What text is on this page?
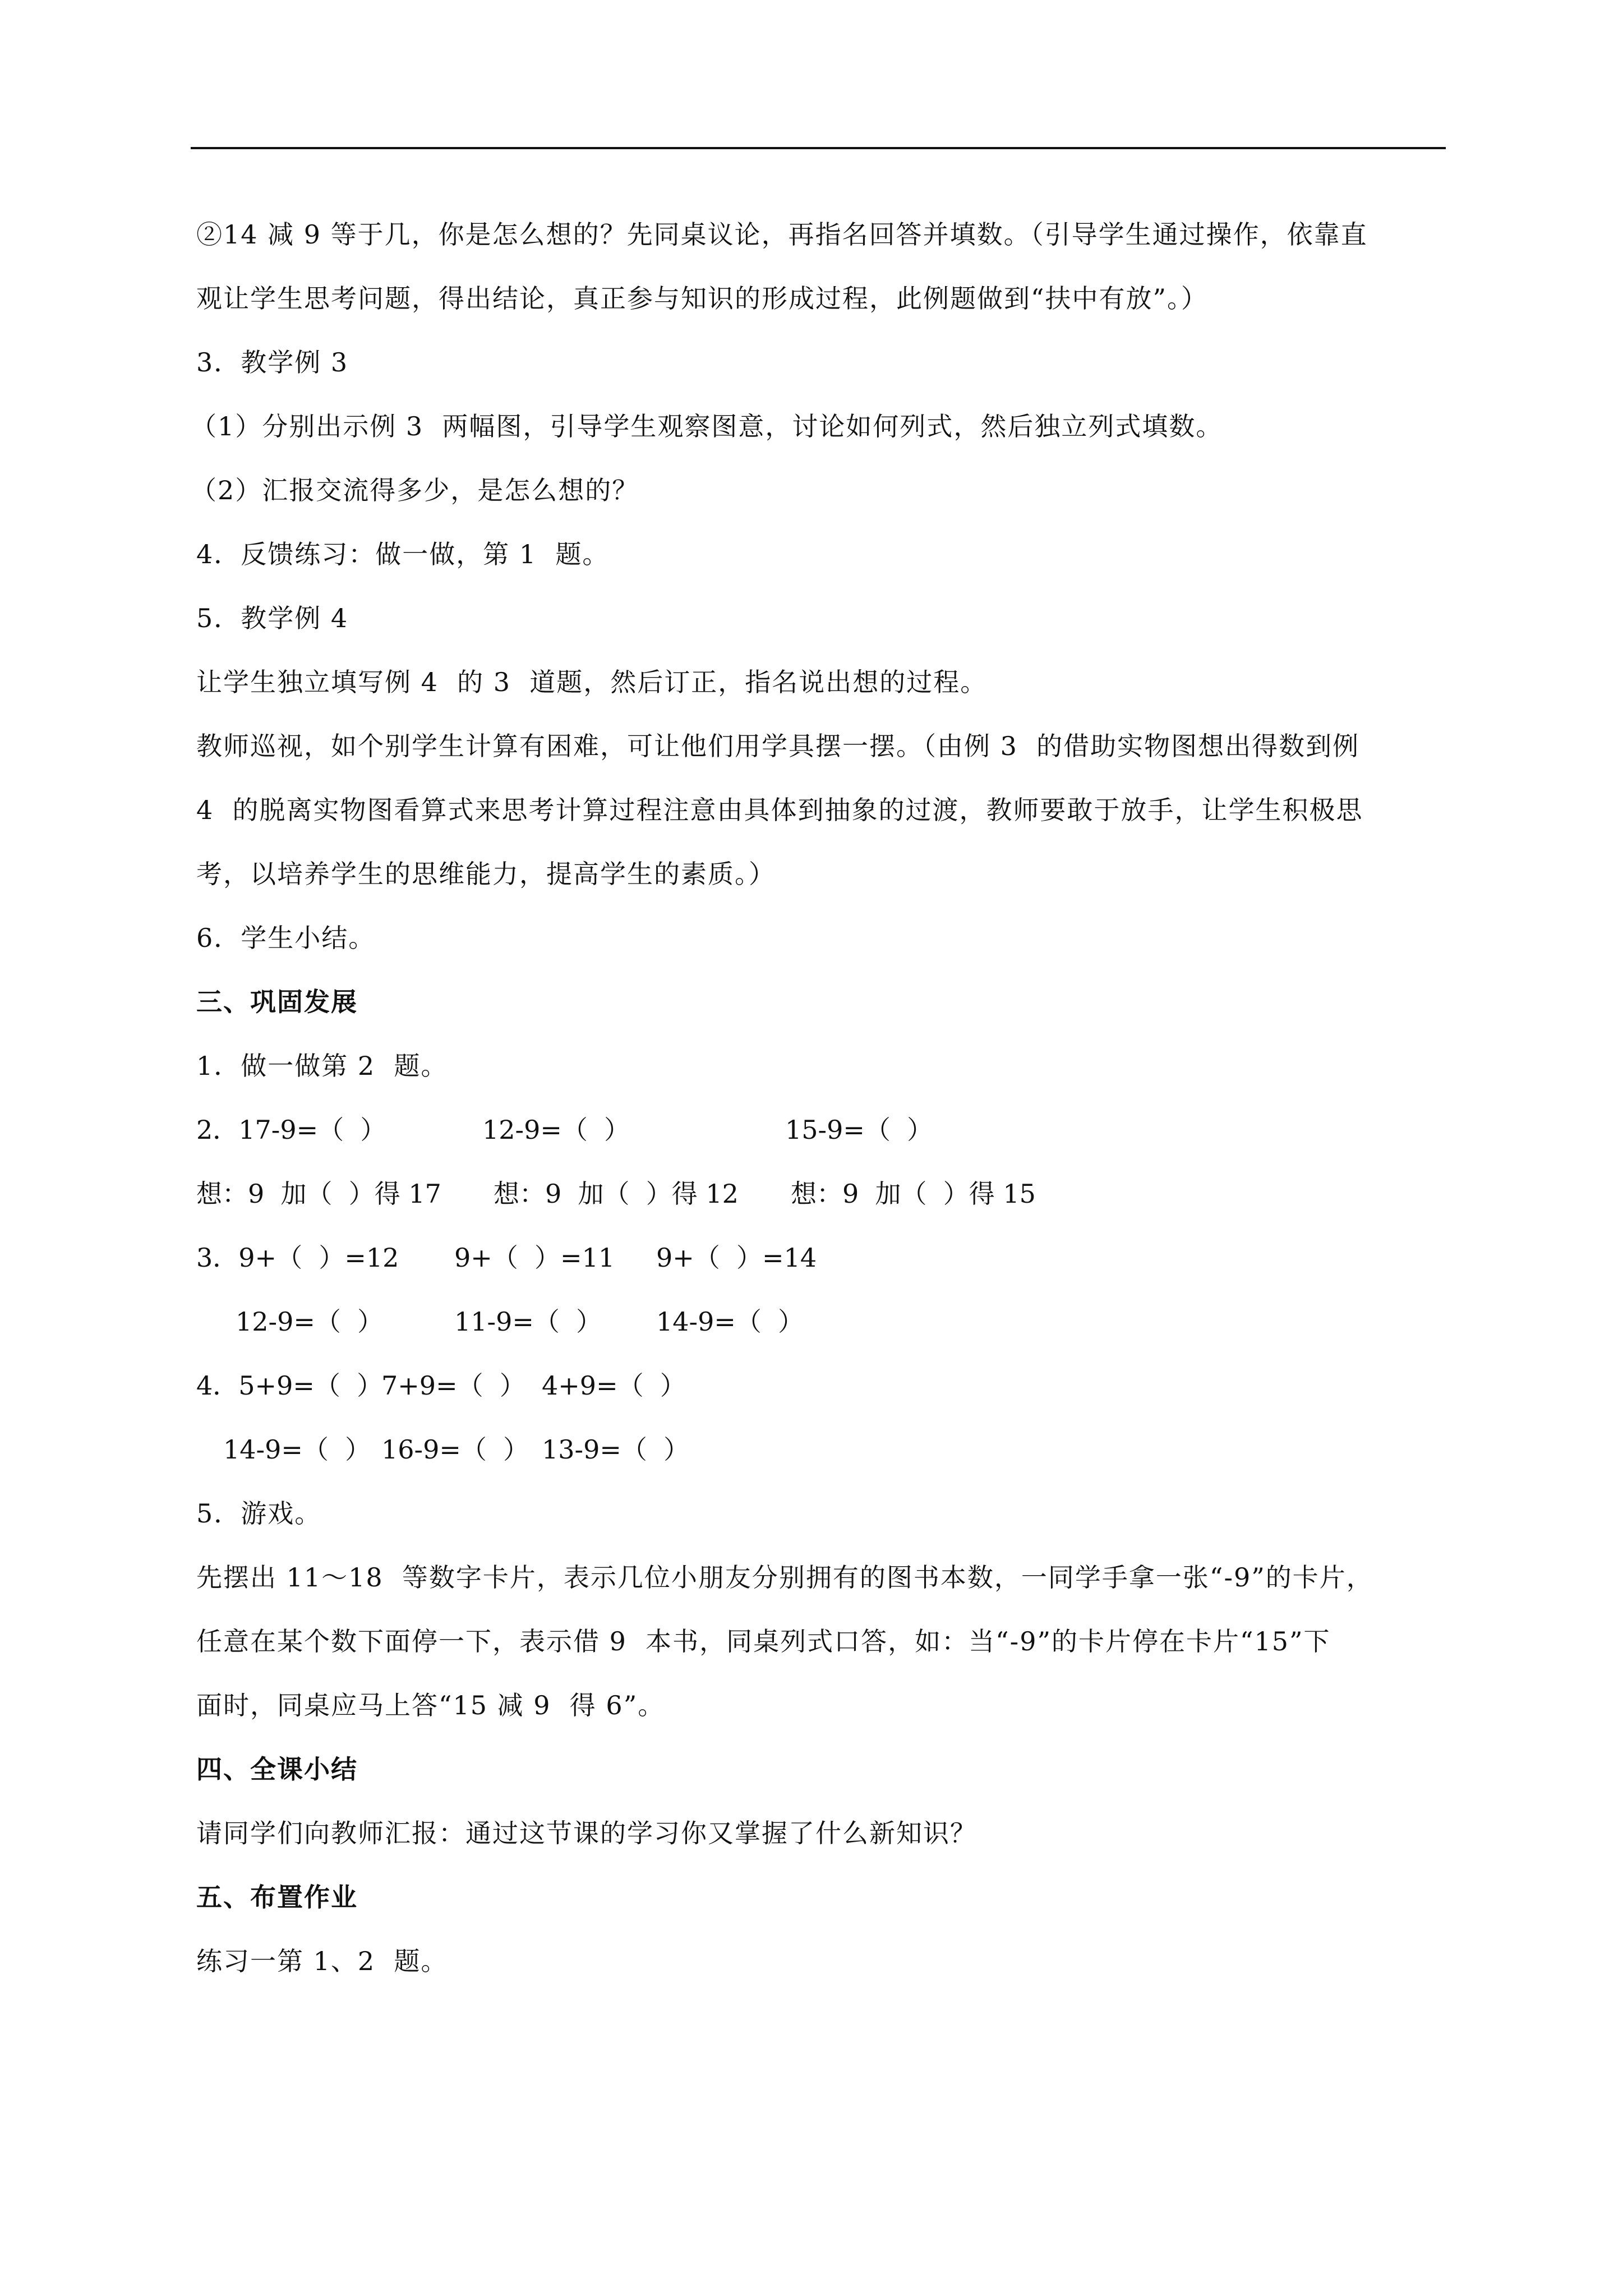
②14 减 9 等于几，你是怎么想的？先同桌议论，再指名回答并填数。（引导学生通过操作，依靠直
观让学生思考问题，得出结论，真正参与知识的形成过程，此例题做到“扶中有放”。）
3．教学例 3
（1）分别出示例 3  两幅图，引导学生观察图意，讨论如何列式，然后独立列式填数。
（2）汇报交流得多少，是怎么想的？
4．反馈练习：做一做，第 1  题。
5．教学例 4
让学生独立填写例 4  的 3  道题，然后订正，指名说出想的过程。
教师巡视，如个别学生计算有困难，可让他们用学具摆一摆。（由例 3  的借助实物图想出得数到例
4  的脱离实物图看算式来思考计算过程注意由具体到抽象的过渡，教师要敢于放手，让学生积极思
考，以培养学生的思维能力，提高学生的素质。）
6．学生小结。
三、巩固发展
1．做一做第 2  题。
2．17-9=（  ）	12-9=（  ）	15-9=（  ）
想：9  加（  ）得 17 想：9  加（  ）得 12 想：9  加（  ）得 15
3．9+（  ）=12 9+（  ）=11 9+（  ）=14
12-9=（  ）	11-9=（  ） 14-9=（  ）
4．5+9=（  ）
7+9=（  ） 4+9=（  ）
14-9=（  ） 16-9=（  ） 13-9=（  ）
5．游戏。
先摆出 11～18  等数字卡片，表示几位小朋友分别拥有的图书本数，一同学手拿一张“-9”的卡片，
任意在某个数下面停一下，表示借 9  本书，同桌列式口答，如：当“-9”的卡片停在卡片“15”下
面时，同桌应马上答“15 减 9  得 6”。
四、全课小结
请同学们向教师汇报：通过这节课的学习你又掌握了什么新知识？
五、布置作业
练习一第 1、2  题。
